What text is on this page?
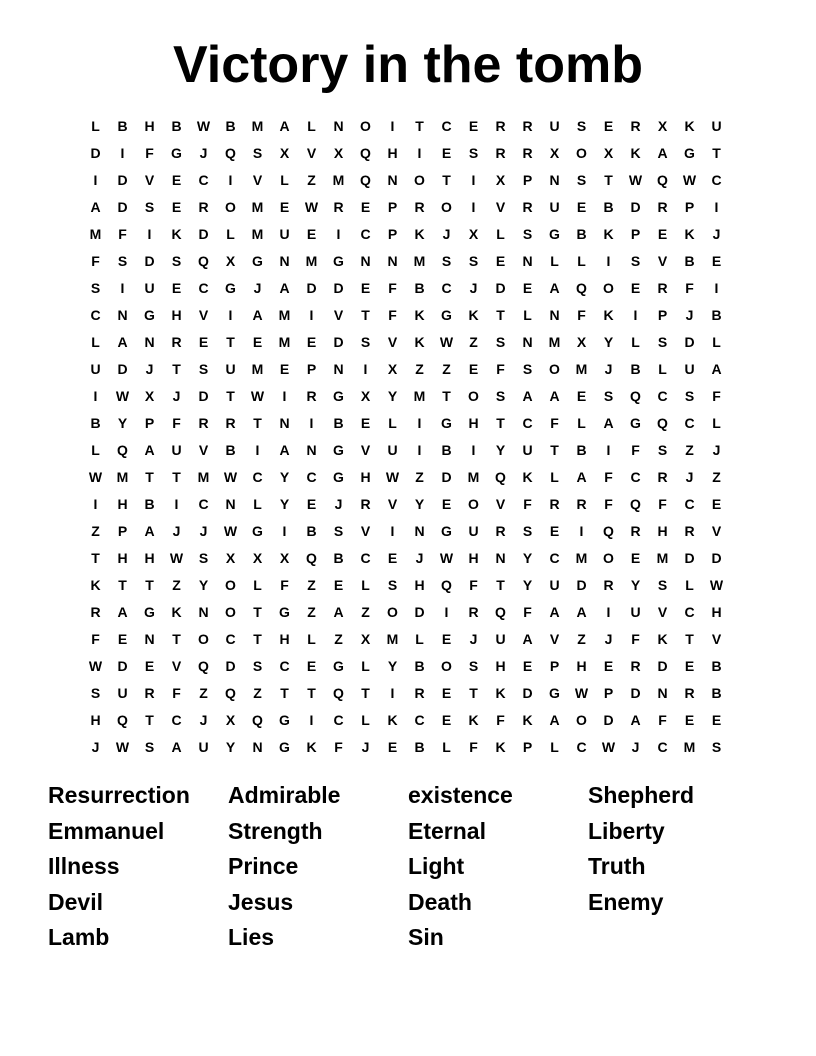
Victory in the tomb
L	B	H	B	W	B	M	A	L	N	O	I	T	C	E	R	R	U	S	E	R	X	K	U
D	I	F	G	J	Q	S	X	V	X	Q	H	I	E	S	R	R	X	O	X	K	A	G	T
I	D	V	E	C	I	V	L	Z	M	Q	N	O	T	I	X	P	N	S	T	W	Q	W	C
A	D	S	E	R	O	M	E	W	R	E	P	R	O	I	V	R	U	E	B	D	R	P	I
M	F	I	K	D	L	M	U	E	I	C	P	K	J	X	L	S	G	B	K	P	E	K	J
F	S	D	S	Q	X	G	N	M	G	N	N	M	S	S	E	N	L	L	I	S	V	B	E
S	I	U	E	C	G	J	A	D	D	E	F	B	C	J	D	E	A	Q	O	E	R	F	I
C	N	G	H	V	I	A	M	I	V	T	F	K	G	K	T	L	N	F	K	I	P	J	B
L	A	N	R	E	T	E	M	E	D	S	V	K	W	Z	S	N	M	X	Y	L	S	D	L
U	D	J	T	S	U	M	E	P	N	I	X	Z	Z	E	F	S	O	M	J	B	L	U	A
I	W	X	J	D	T	W	I	R	G	X	Y	M	T	O	S	A	A	E	S	Q	C	S	F
B	Y	P	F	R	R	T	N	I	B	E	L	I	G	H	T	C	F	L	A	G	Q	C	L
L	Q	A	U	V	B	I	A	N	G	V	U	I	B	I	Y	U	T	B	I	F	S	Z	J
W	M	T	T	M	W	C	Y	C	G	H	W	Z	D	M	Q	K	L	A	F	C	R	J	Z
I	H	B	I	C	N	L	Y	E	J	R	V	Y	E	O	V	F	R	R	F	Q	F	C	E
Z	P	A	J	J	W	G	I	B	S	V	I	N	G	U	R	S	E	I	Q	R	H	R	V
T	H	H	W	S	X	X	X	Q	B	C	E	J	W	H	N	Y	C	M	O	E	M	D	D
K	T	T	Z	Y	O	L	F	Z	E	L	S	H	Q	F	T	Y	U	D	R	Y	S	L	W
R	A	G	K	N	O	T	G	Z	A	Z	O	D	I	R	Q	F	A	A	I	U	V	C	H
F	E	N	T	O	C	T	H	L	Z	X	M	L	E	J	U	A	V	Z	J	F	K	T	V
W	D	E	V	Q	D	S	C	E	G	L	Y	B	O	S	H	E	P	H	E	R	D	E	B
S	U	R	F	Z	Q	Z	T	T	Q	T	I	R	E	T	K	D	G	W	P	D	N	R	B
H	Q	T	C	J	X	Q	G	I	C	L	K	C	E	K	F	K	A	O	D	A	F	E	E
J	W	S	A	U	Y	N	G	K	F	J	E	B	L	F	K	P	L	C	W	J	C	M	S
Resurrection	Admirable	existence	Shepherd
Emmanuel	Strength	Eternal	Liberty
Illness	Prince	Light	Truth
Devil	Jesus	Death	Enemy
Lamb	Lies	Sin
